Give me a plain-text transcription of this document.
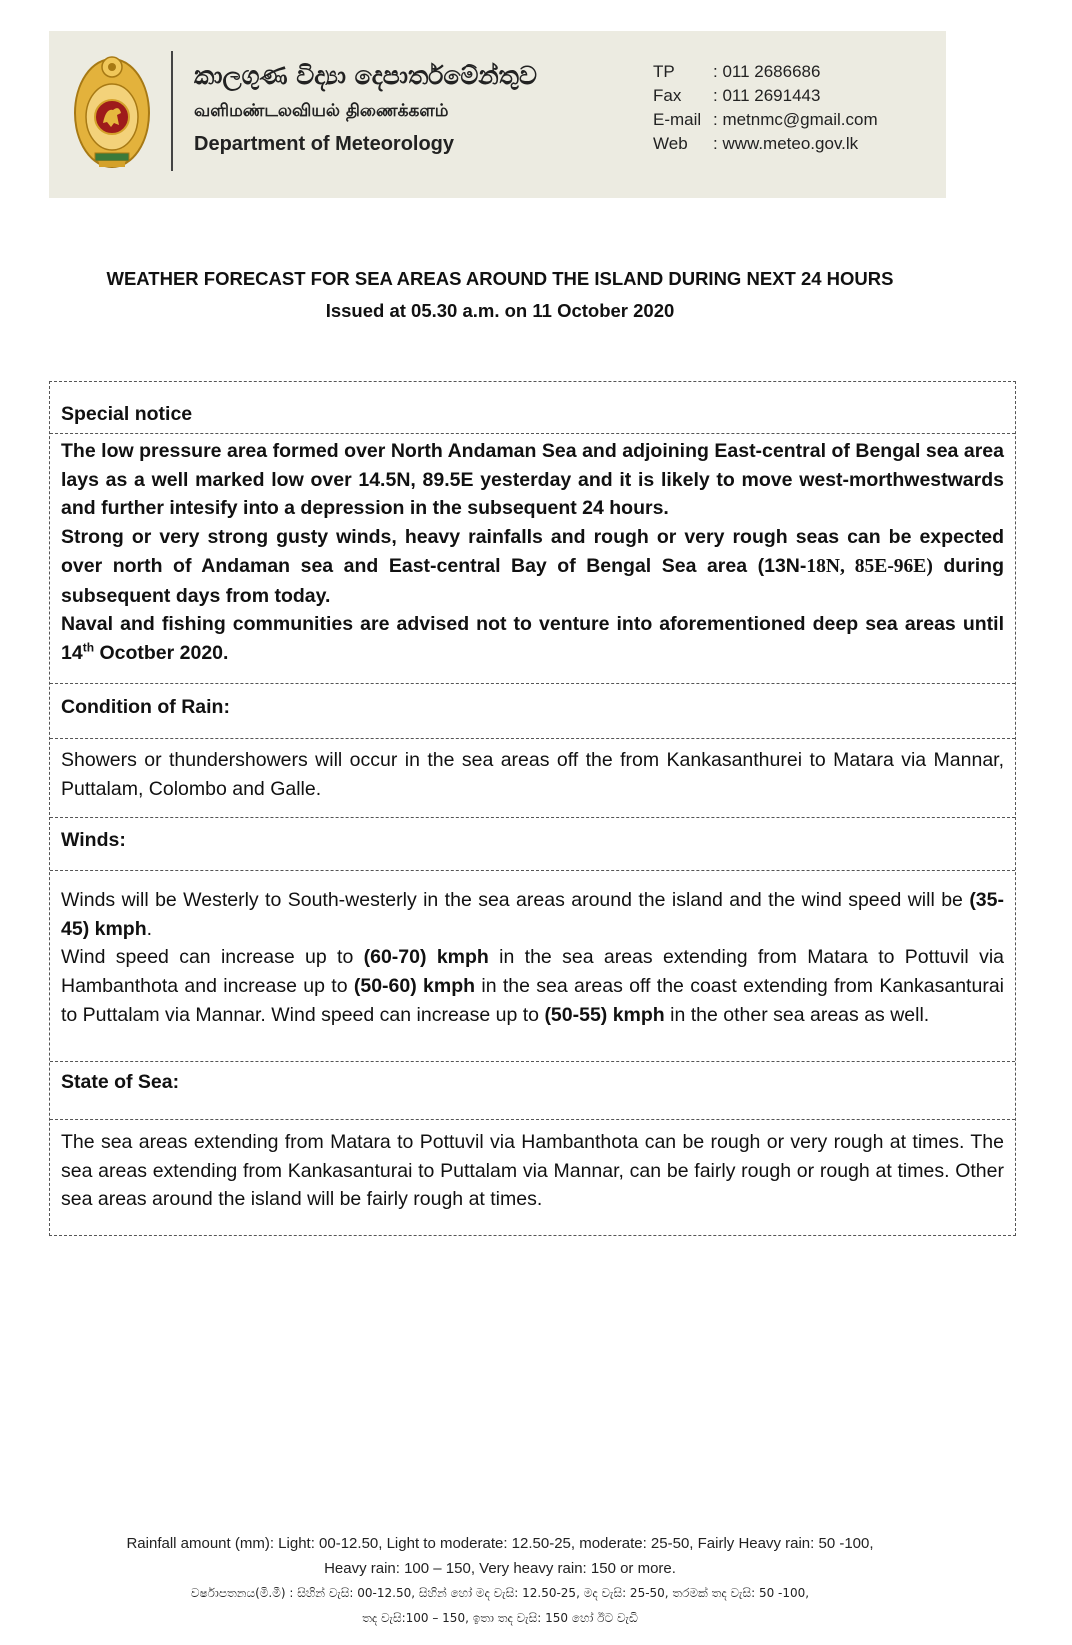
කාලගුණ විද්‍යා දෙපාර්තමේන්තුව
வளிமண்டலவியல் திணைக்களம்
Department of Meteorology
TP	: 011 2686686
Fax	: 011 2691443
E-mail : metnmc@gmail.com
Web	: www.meteo.gov.lk
WEATHER FORECAST FOR SEA AREAS AROUND THE ISLAND DURING NEXT 24 HOURS
Issued at 05.30 a.m. on 11 October 2020
Special notice
The low pressure area formed over North Andaman Sea and adjoining East-central of Bengal sea area lays as a well marked low over 14.5N, 89.5E yesterday and it is likely to move west-morthwestwards and further intesify into a depression in the subsequent 24 hours.
Strong or very strong gusty winds, heavy rainfalls and rough or very rough seas can be expected over north of Andaman sea and East-central Bay of Bengal Sea area (13N-18N, 85E-96E) during subsequent days from today.
Naval and fishing communities are advised not to venture into aforementioned deep sea areas until 14th Ocotber 2020.
Condition of Rain:
Showers or thundershowers will occur in the sea areas off the from Kankasanthurei to Matara via Mannar, Puttalam, Colombo and Galle.
Winds:
Winds will be Westerly to South-westerly in the sea areas around the island and the wind speed will be (35-45) kmph.
Wind speed can increase up to (60-70) kmph in the sea areas extending from Matara to Pottuvil via Hambanthota and increase up to (50-60) kmph in the sea areas off the coast extending from Kankasanturai to Puttalam via Mannar. Wind speed can increase up to (50-55) kmph in the other sea areas as well.
State of Sea:
The sea areas extending from Matara to Pottuvil via Hambanthota can be rough or very rough at times. The sea areas extending from Kankasanturai to Puttalam via Mannar, can be fairly rough or rough at times. Other sea areas around the island will be fairly rough at times.
Rainfall amount (mm): Light: 00-12.50, Light to moderate: 12.50-25, moderate: 25-50, Fairly Heavy rain: 50 -100,
Heavy rain: 100 – 150, Very heavy rain: 150 or more.
වර්ෂාපතනය(මි.මී) : සිහින් වැසි: 00-12.50, සිහින් හෝ මද වැසි: 12.50-25, මද වැසි: 25-50, තරමක් තද වැසි: 50 -100,
තද වැසි:100 – 150, ඉතා තද වැසි: 150 හෝ ඊට වැඩි
